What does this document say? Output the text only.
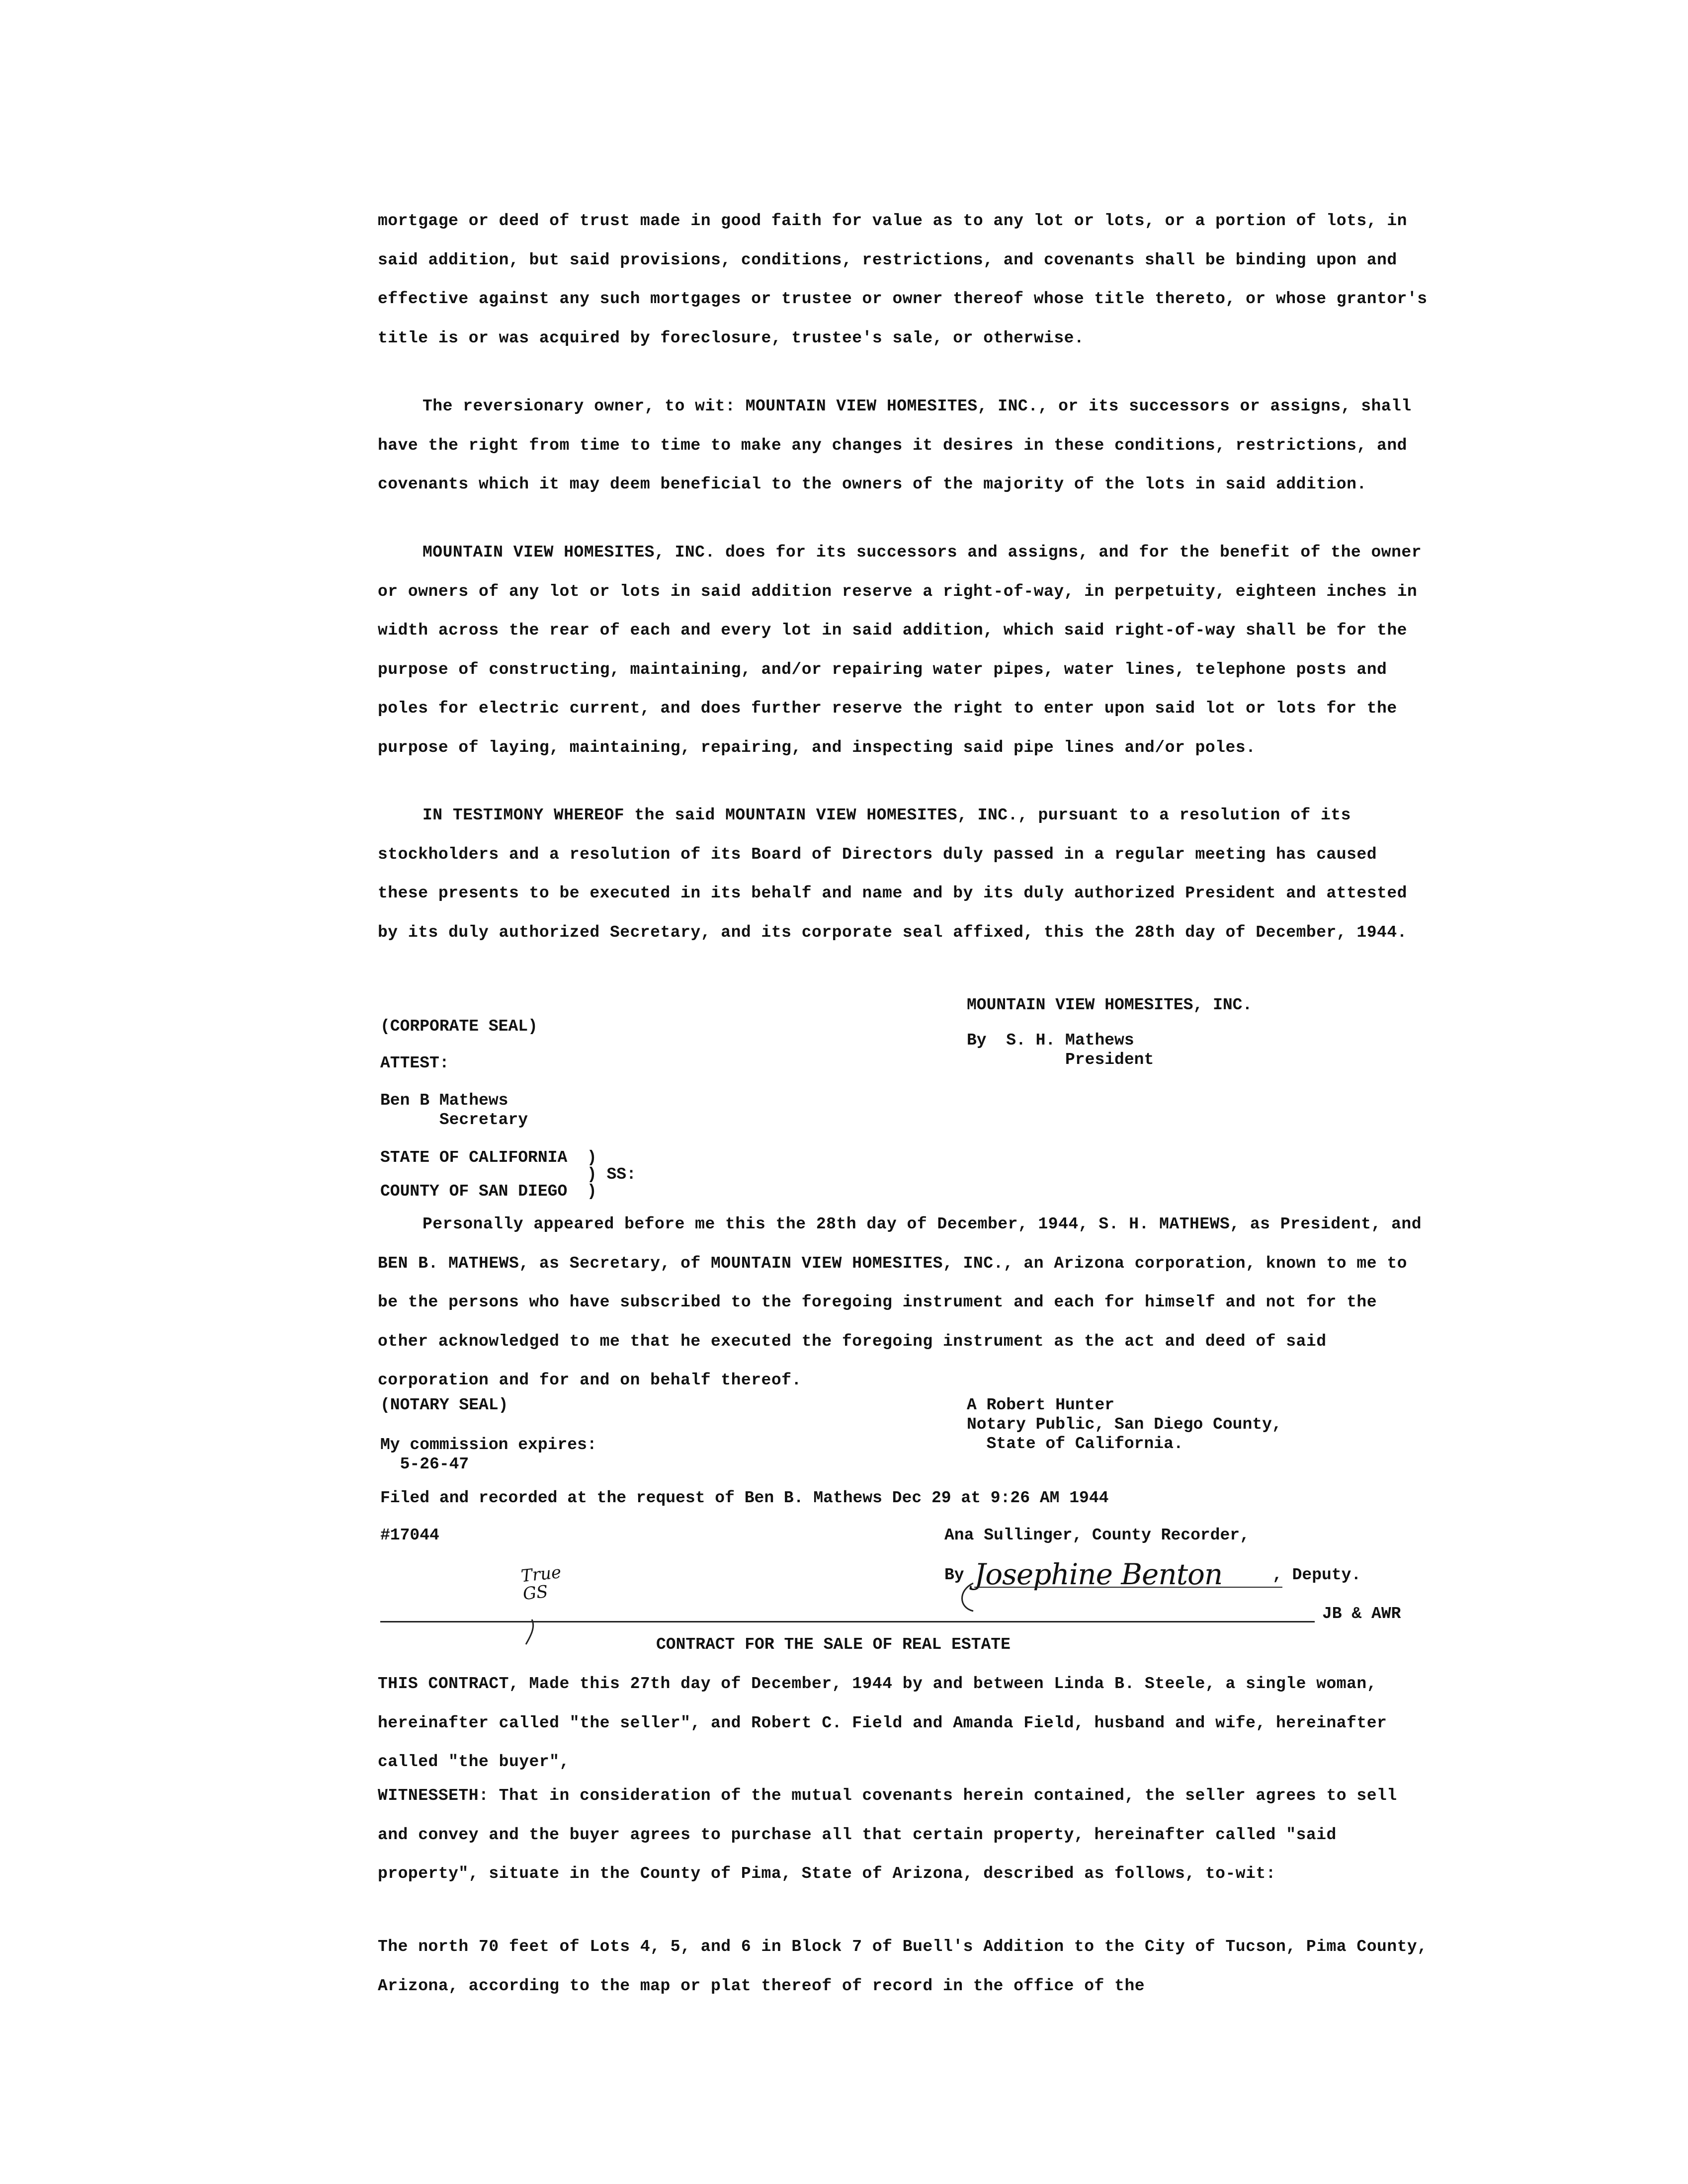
mortgage or deed of trust made in good faith for value as to any lot or lots, or a portion of lots, in said addition, but said provisions, conditions, restrictions, and covenants shall be binding upon and effective against any such mortgages or trustee or owner thereof whose title thereto, or whose grantor's title is or was acquired by foreclosure, trustee's sale, or otherwise.

The reversionary owner, to wit: MOUNTAIN VIEW HOMESITES, INC., or its successors or assigns, shall have the right from time to time to make any changes it desires in these conditions, restrictions, and covenants which it may deem beneficial to the owners of the majority of the lots in said addition.

MOUNTAIN VIEW HOMESITES, INC. does for its successors and assigns, and for the benefit of the owner or owners of any lot or lots in said addition reserve a right-of-way, in perpetuity, eighteen inches in width across the rear of each and every lot in said addition, which said right-of-way shall be for the purpose of constructing, maintaining, and/or repairing water pipes, water lines, telephone posts and poles for electric current, and does further reserve the right to enter upon said lot or lots for the purpose of laying, maintaining, repairing, and inspecting said pipe lines and/or poles.

IN TESTIMONY WHEREOF the said MOUNTAIN VIEW HOMESITES, INC., pursuant to a resolution of its stockholders and a resolution of its Board of Directors duly passed in a regular meeting has caused these presents to be executed in its behalf and name and by its duly authorized President and attested by its duly authorized Secretary, and its corporate seal affixed, this the 28th day of December, 1944.

MOUNTAIN VIEW HOMESITES, INC.

By  S. H. Mathews
President

(CORPORATE SEAL)

ATTEST:

Ben B Mathews
Secretary

STATE OF CALIFORNIA  )

) SS:

COUNTY OF SAN DIEGO  )

Personally appeared before me this the 28th day of December, 1944, S. H. MATHEWS, as President, and BEN B. MATHEWS, as Secretary, of MOUNTAIN VIEW HOMESITES, INC., an Arizona corporation, known to me to be the persons who have subscribed to the foregoing instrument and each for himself and not for the other acknowledged to me that he executed the foregoing instrument as the act and deed of said corporation and for and on behalf thereof.

(NOTARY SEAL)	A Robert Hunter
Notary Public, San Diego County,
State of California.

My commission expires:
5-26-47

Filed and recorded at the request of Ben B. Mathews Dec 29 at 9:26 AM 1944

#17044	Ana Sullinger, County Recorder,

True
GS

By Josephine Benton	, Deputy.

JB & AWR

CONTRACT FOR THE SALE OF REAL ESTATE

THIS CONTRACT, Made this 27th day of December, 1944 by and between Linda B. Steele, a single woman, hereinafter called "the seller", and Robert C. Field and Amanda Field, husband and wife, hereinafter called "the buyer",

WITNESSETH: That in consideration of the mutual covenants herein contained, the seller agrees to sell and convey and the buyer agrees to purchase all that certain property, hereinafter called "said property", situate in the County of Pima, State of Arizona, described as follows, to-wit:

The north 70 feet of Lots 4, 5, and 6 in Block 7 of Buell's Addition to the City of Tucson, Pima County, Arizona, according to the map or plat thereof of record in the office of the
